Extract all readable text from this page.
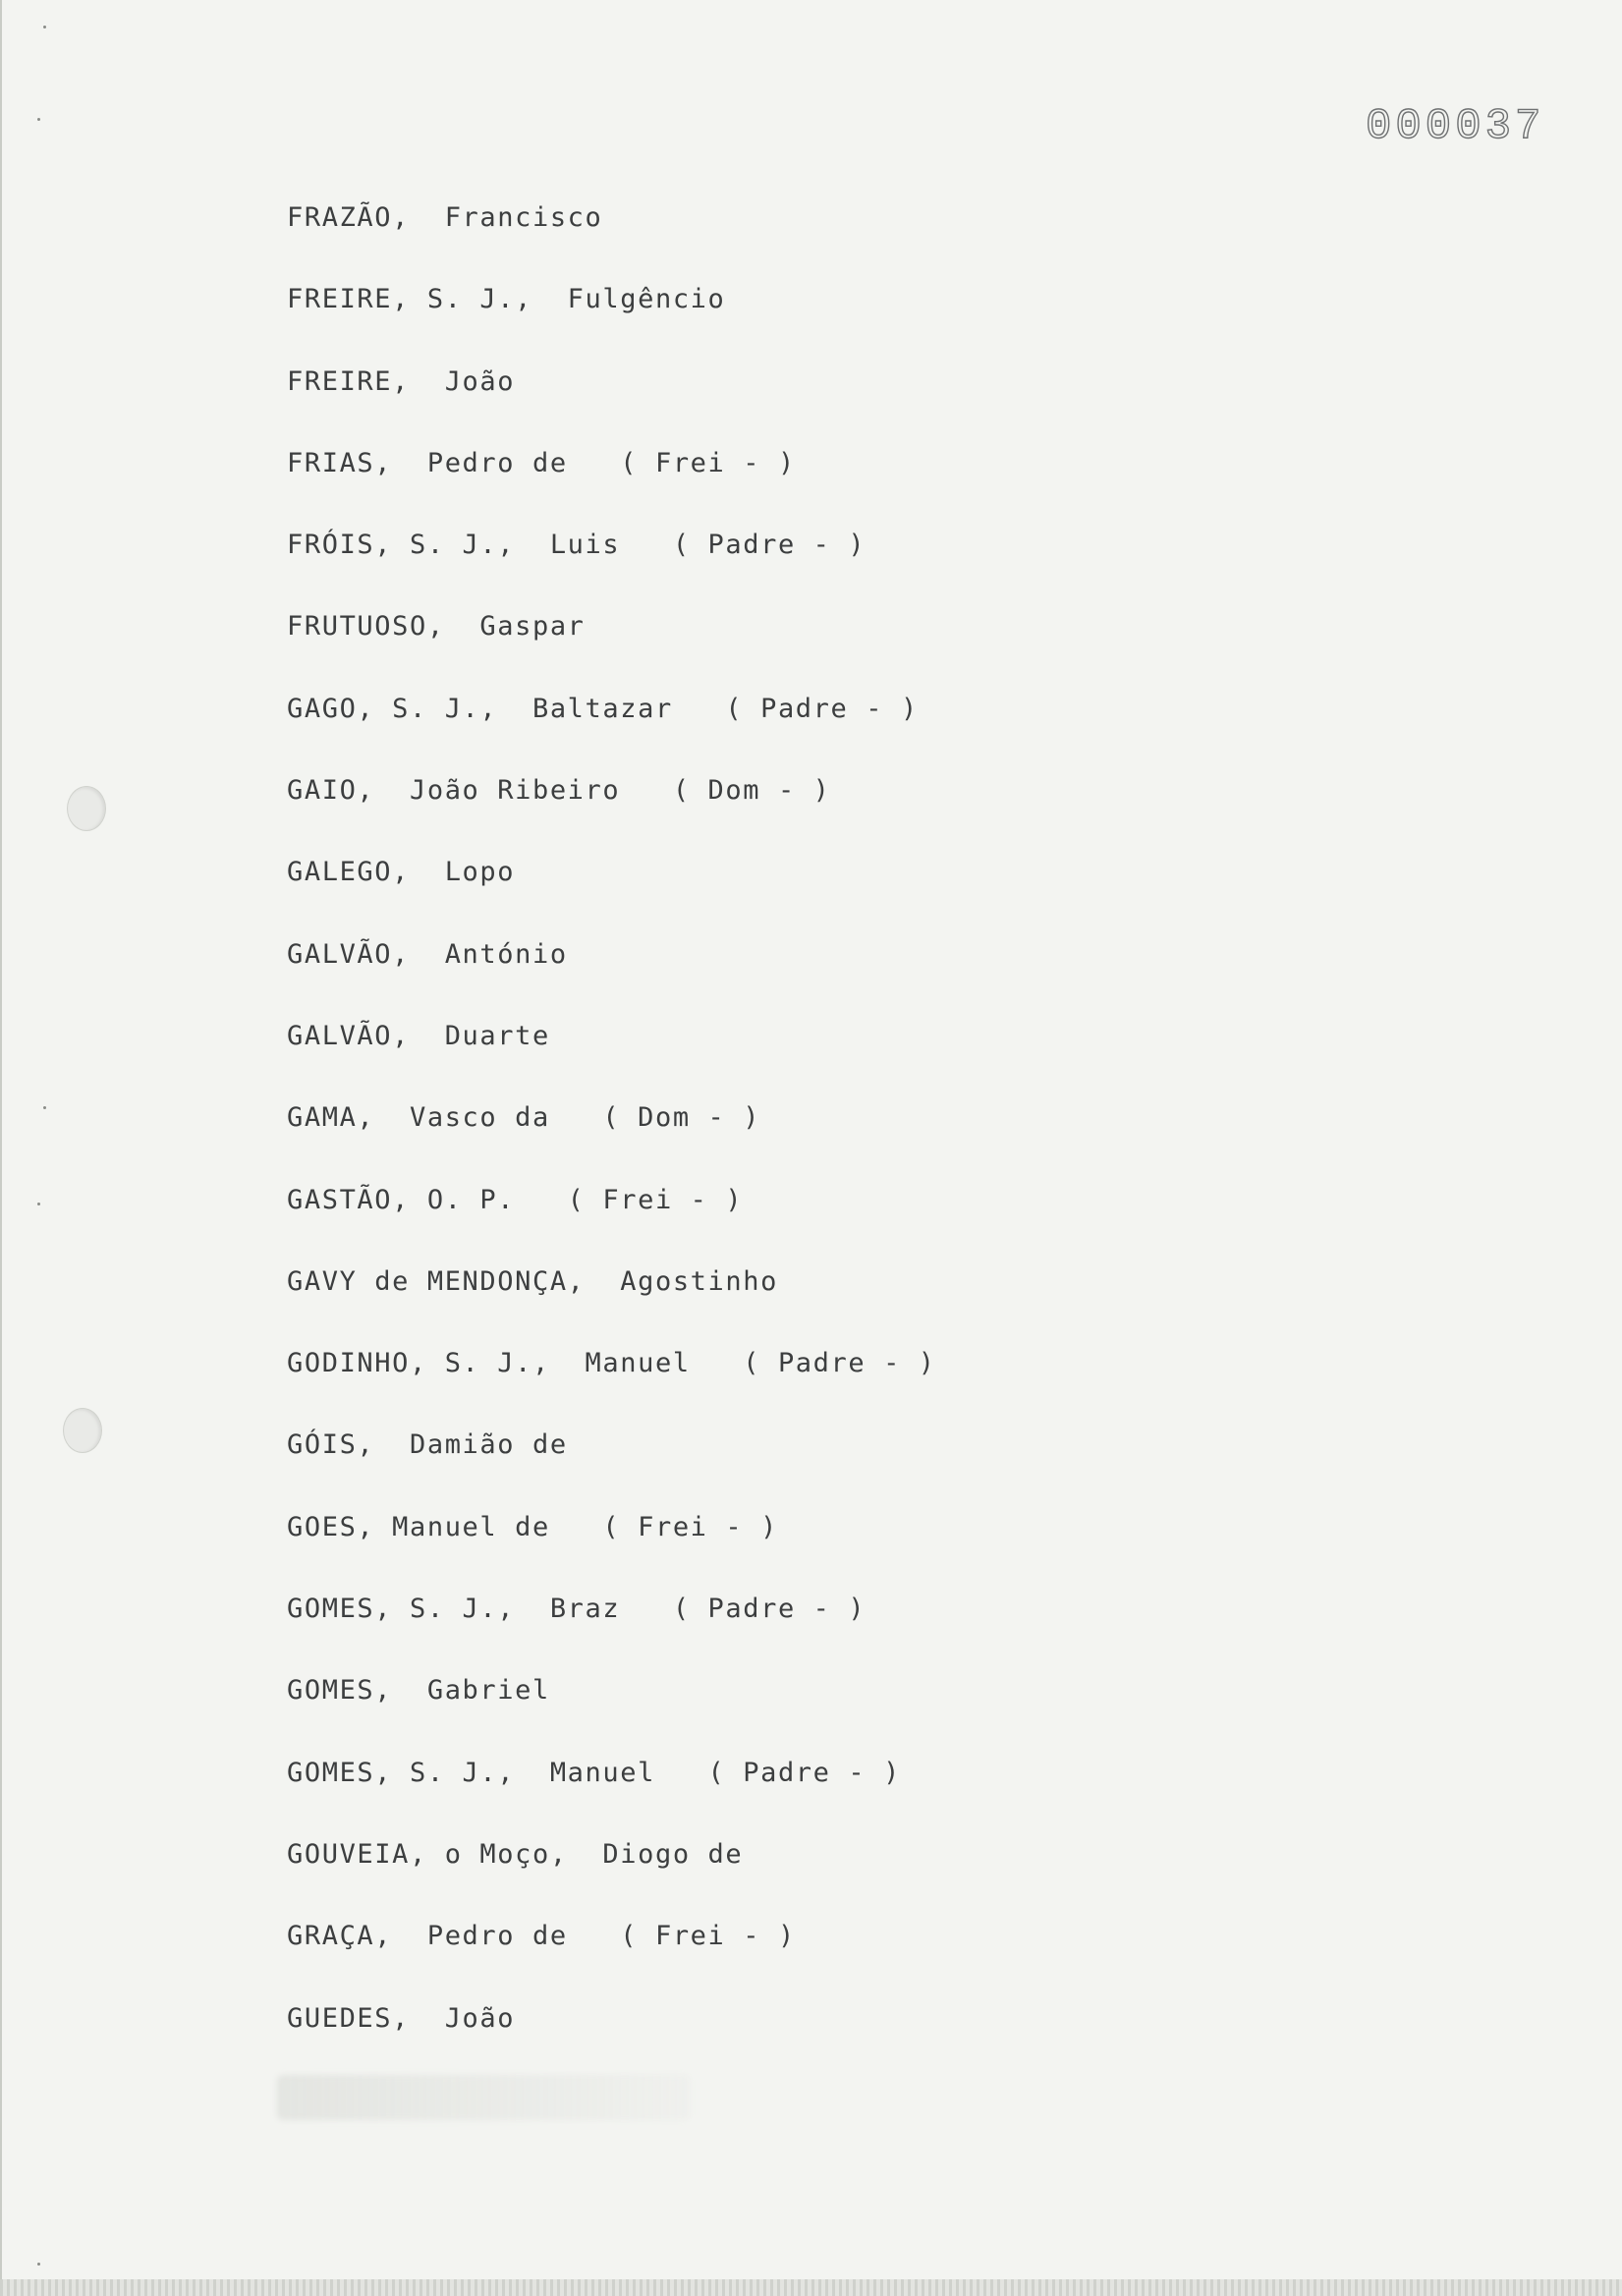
000037
FRAZÃO,  Francisco
FREIRE, S. J.,  Fulgêncio
FREIRE,  João
FRIAS,  Pedro de   ( Frei - )
FRÓIS, S. J.,  Luis   ( Padre - )
FRUTUOSO,  Gaspar
GAGO, S. J.,  Baltazar   ( Padre - )
GAIO,  João Ribeiro   ( Dom - )
GALEGO,  Lopo
GALVÃO,  António
GALVÃO,  Duarte
GAMA,  Vasco da   ( Dom - )
GASTÃO, O. P.   ( Frei - )
GAVY de MENDONÇA,  Agostinho
GODINHO, S. J.,  Manuel   ( Padre - )
GÓIS,  Damião de
GOES, Manuel de   ( Frei - )
GOMES, S. J.,  Braz   ( Padre - )
GOMES,  Gabriel
GOMES, S. J.,  Manuel   ( Padre - )
GOUVEIA, o Moço,  Diogo de
GRAÇA,  Pedro de   ( Frei - )
GUEDES,  João
